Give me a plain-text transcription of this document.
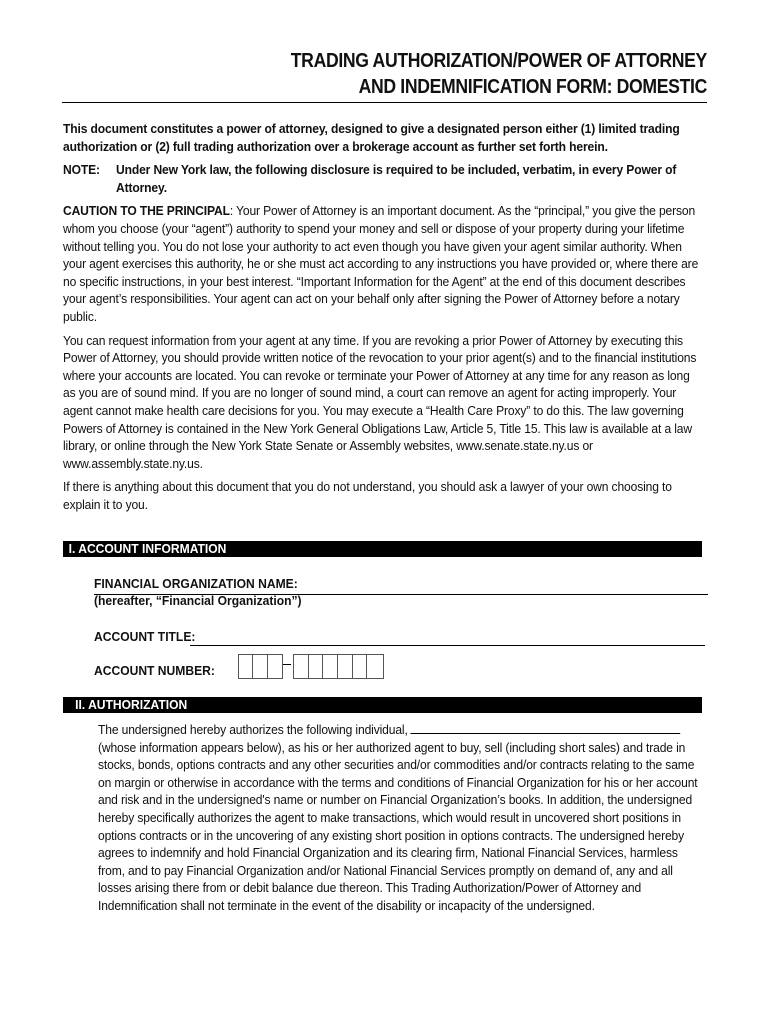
TRADING AUTHORIZATION/POWER OF ATTORNEY
AND INDEMNIFICATION FORM: DOMESTIC

This document constitutes a power of attorney, designed to give a designated person either (1) limited trading authorization or (2) full trading authorization over a brokerage account as further set forth herein.

NOTE:	Under New York law, the following disclosure is required to be included, verbatim, in every Power of Attorney.

CAUTION TO THE PRINCIPAL: Your Power of Attorney is an important document. As the “principal,” you give the person whom you choose (your “agent”) authority to spend your money and sell or dispose of your property during your lifetime without telling you. You do not lose your authority to act even though you have given your agent similar authority. When your agent exercises this authority, he or she must act according to any instructions you have provided or, where there are no specific instructions, in your best interest. “Important Information for the Agent” at the end of this document describes your agent’s responsibilities. Your agent can act on your behalf only after signing the Power of Attorney before a notary public.

You can request information from your agent at any time. If you are revoking a prior Power of Attorney by executing this Power of Attorney, you should provide written notice of the revocation to your prior agent(s) and to the financial institutions where your accounts are located. You can revoke or terminate your Power of Attorney at any time for any reason as long as you are of sound mind. If you are no longer of sound mind, a court can remove an agent for acting improperly. Your agent cannot make health care decisions for you. You may execute a “Health Care Proxy” to do this. The law governing Powers of Attorney is contained in the New York General Obligations Law, Article 5, Title 15. This law is available at a law library, or online through the New York State Senate or Assembly websites, www.senate.state.ny.us or www.assembly.state.ny.us.

If there is anything about this document that you do not understand, you should ask a lawyer of your own choosing to explain it to you.

I. ACCOUNT INFORMATION
FINANCIAL ORGANIZATION NAME:
(hereafter, “Financial Organization”)
ACCOUNT TITLE:
ACCOUNT NUMBER:
II. AUTHORIZATION
The undersigned hereby authorizes the following individual,  (whose information appears below), as his or her authorized agent to buy, sell (including short sales) and trade in stocks, bonds, options contracts and any other securities and/or commodities and/or contracts relating to the same on margin or otherwise in accordance with the terms and conditions of Financial Organization for his or her account and risk and in the undersigned's name or number on Financial Organization’s books. In addition, the undersigned hereby specifically authorizes the agent to make transactions, which would result in uncovered short positions in options contracts or in the uncovering of any existing short position in options contracts. The undersigned hereby agrees to indemnify and hold Financial Organization and its clearing firm, National Financial Services, harmless from, and to pay Financial Organization and/or National Financial Services promptly on demand of, any and all losses arising there from or debit balance due thereon. This Trading Authorization/Power of Attorney and Indemnification shall not terminate in the event of the disability or incapacity of the undersigned.
